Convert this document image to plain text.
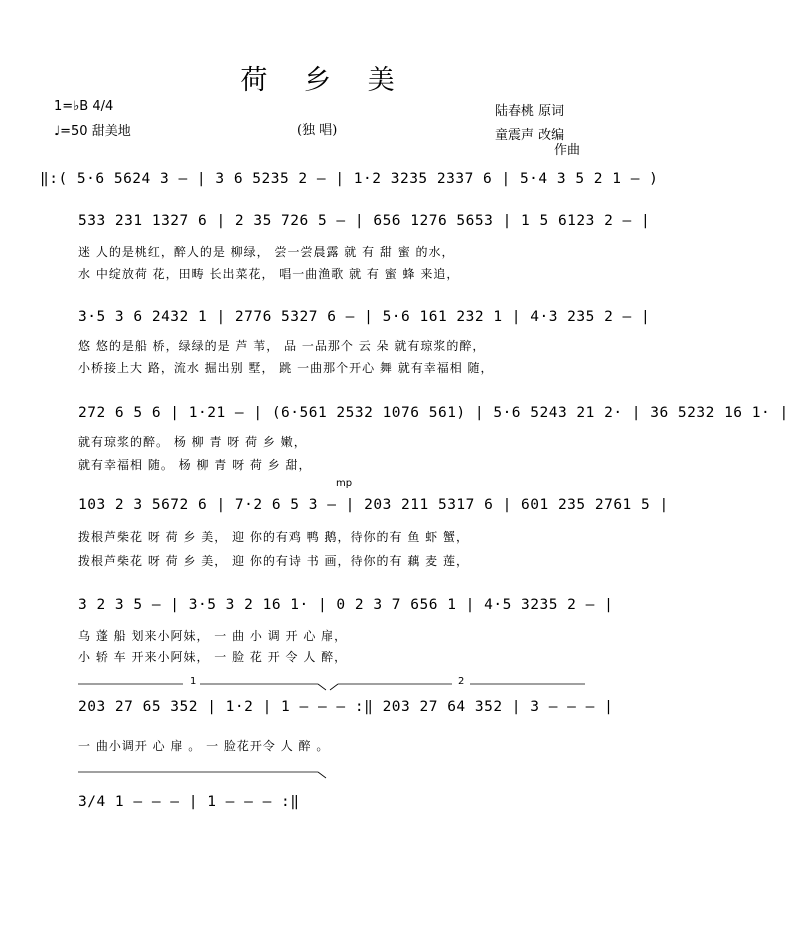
荷 乡 美
1=♭B 4/4
♩=50 甜美地	(独 唱)
陆春桃 原词
童震声 改编
作曲
‖:( 5·6 5624 3 — | 3 6 5235 2 — | 1·2 3235 2337 6 | 5·4 3 5 2 1 — )
533 231 1327 6 | 2 35 726 5 — | 656 1276 5653 | 1 5 6123 2 — |
迷 人的是桃红，醉人的是 柳绿， 尝一尝晨露 就 有 甜 蜜 的水，
水 中绽放荷 花，田畴 长出菜花， 唱一曲渔歌 就 有 蜜 蜂 来追，
3·5 3 6 2432 1 | 2776 5327 6 — | 5·6 161 232 1 | 4·3 235 2 — |
悠 悠的是船 桥，绿绿的是 芦 苇， 品 一品那个 云 朵 就有琼浆的醉，
小桥接上大 路，流水 掘出别 墅， 跳 一曲那个开心 舞 就有幸福相 随，
272 6 5 6 | 1·21 — | (6·561 2532 1076 561) | 5·6 5243 21 2· | 36 5232 16 1· |
就有琼浆的醉。 杨 柳 青 呀 荷 乡 嫩，
就有幸福相 随。 杨 柳 青 呀 荷 乡 甜，
mp
103 2 3 5672 6 | 7·2 6 5 3 — | 203 211 5317 6 | 601 235 2761 5 |
拨根芦柴花 呀 荷 乡 美， 迎 你的有鸡 鸭 鹅，待你的有 鱼 虾 蟹，
拨根芦柴花 呀 荷 乡 美， 迎 你的有诗 书 画，待你的有 藕 麦 莲，
3 2 3 5 — | 3·5 3 2 16 1· | 0 2 3 7 656 1 | 4·5 3235 2 — |
乌 蓬 船 划来小阿妹， 一 曲 小 调 开 心 扉，
小 轿 车 开来小阿妹， 一 脸 花 开 令 人 醉，
1	2
203 27 65 352 | 1·2 | 1 — — — :‖ 203 27 64 352 | 3 — — — |
一 曲小调开 心 扉 。 一 脸花开令 人 醉 。
3/4 1 — — — | 1 — — — :‖
